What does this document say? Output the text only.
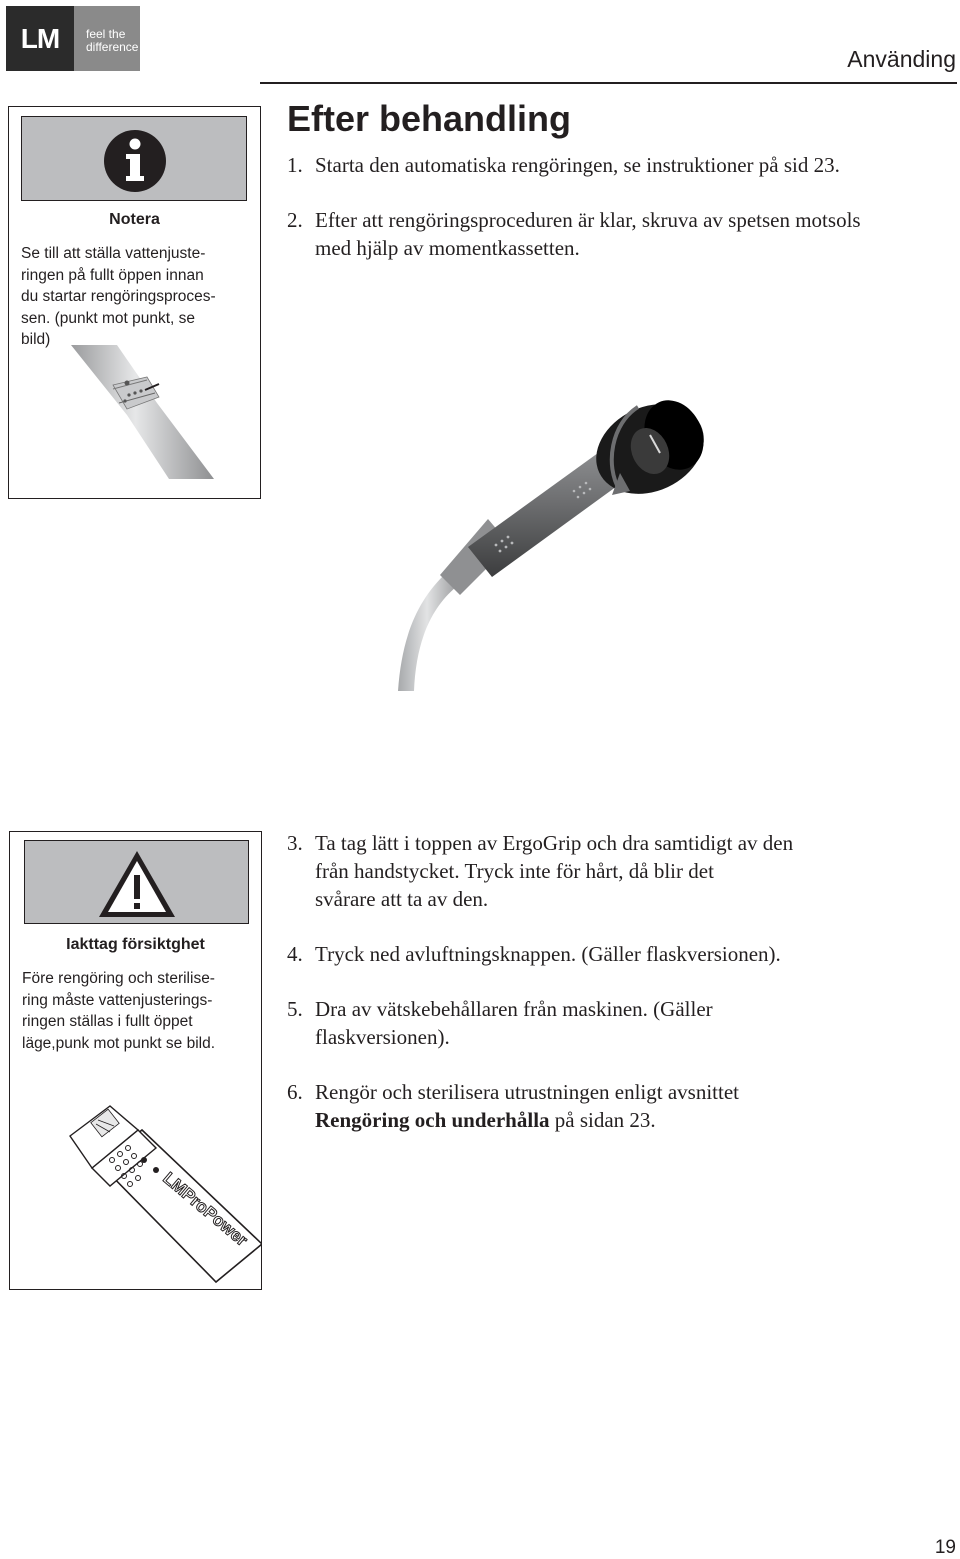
LM	feel the
difference	Använding
Notera
Se till att ställa vattenjuste-
ringen på fullt öppen innan
du startar rengöringsproces-
sen. (punkt mot punkt, se
bild)
Efter behandling
1. Starta den automatiska rengöringen, se instruktioner på sid 23.
2. Efter att rengöringsproceduren är klar, skruva av spetsen motsols
med hjälp av momentkassetten.
Iakttag försiktghet
Före rengöring och sterilise-
ring måste vattenjusterings-
ringen ställas i fullt öppet
läge,punk mot punkt se bild.
LMProPower
3. Ta tag lätt i toppen av ErgoGrip och dra samtidigt av den
från handstycket. Tryck inte för hårt, då blir det
svårare att ta av den.
4. Tryck ned avluftningsknappen. (Gäller flaskversionen).
5. Dra av vätskebehållaren från maskinen. (Gäller
flaskversionen).
6. Rengör och sterilisera utrustningen enligt avsnittet
Rengöring och underhålla på sidan 23.
19
